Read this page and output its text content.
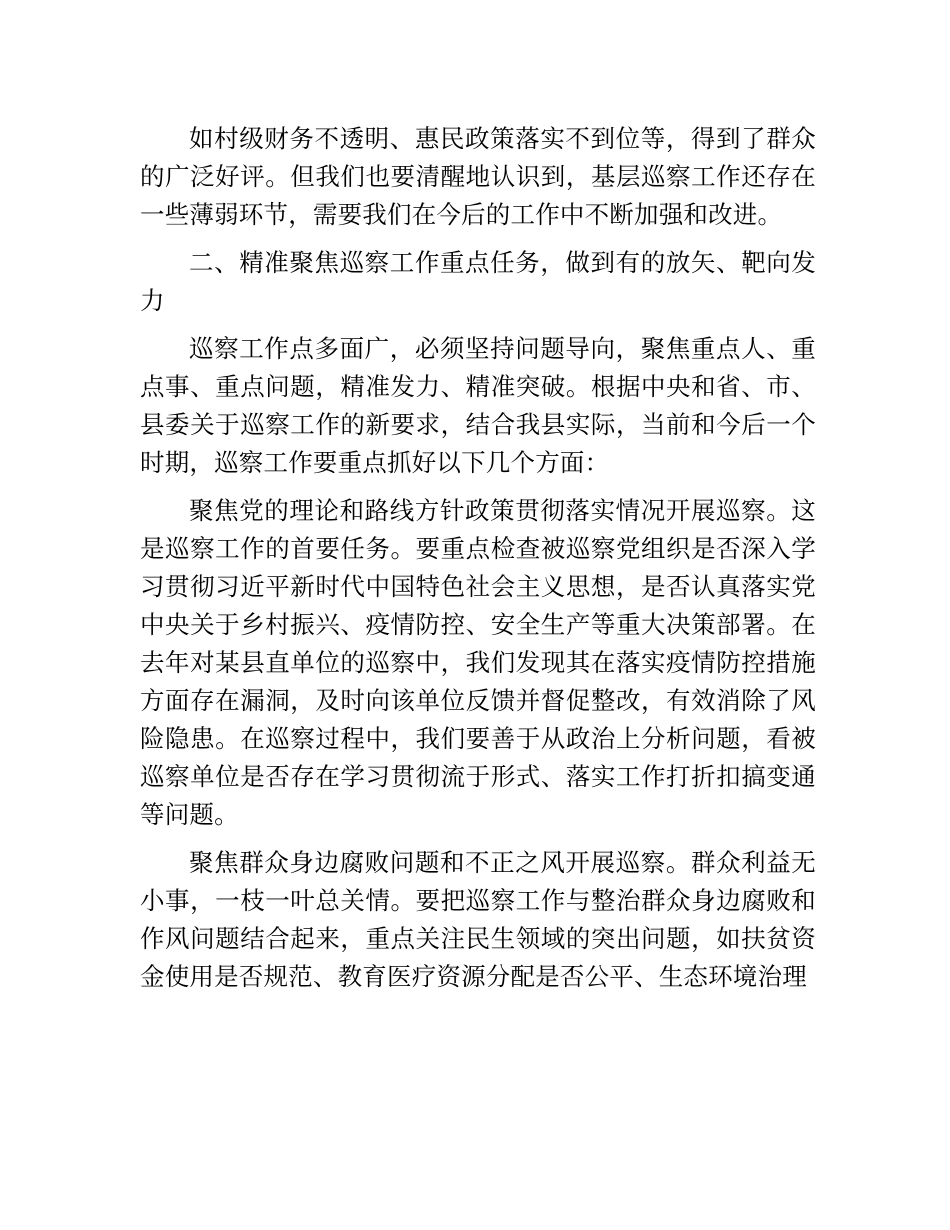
如村级财务不透明、惠民政策落实不到位等，得到了群众的广泛好评。但我们也要清醒地认识到，基层巡察工作还存在一些薄弱环节，需要我们在今后的工作中不断加强和改进。

二、精准聚焦巡察工作重点任务，做到有的放矢、靶向发力

巡察工作点多面广，必须坚持问题导向，聚焦重点人、重点事、重点问题，精准发力、精准突破。根据中央和省、市、县委关于巡察工作的新要求，结合我县实际，当前和今后一个时期，巡察工作要重点抓好以下几个方面：

聚焦党的理论和路线方针政策贯彻落实情况开展巡察。这是巡察工作的首要任务。要重点检查被巡察党组织是否深入学习贯彻习近平新时代中国特色社会主义思想，是否认真落实党中央关于乡村振兴、疫情防控、安全生产等重大决策部署。在去年对某县直单位的巡察中，我们发现其在落实疫情防控措施方面存在漏洞，及时向该单位反馈并督促整改，有效消除了风险隐患。在巡察过程中，我们要善于从政治上分析问题，看被巡察单位是否存在学习贯彻流于形式、落实工作打折扣搞变通等问题。

聚焦群众身边腐败问题和不正之风开展巡察。群众利益无小事，一枝一叶总关情。要把巡察工作与整治群众身边腐败和作风问题结合起来，重点关注民生领域的突出问题，如扶贫资金使用是否规范、教育医疗资源分配是否公平、生态环境治理
